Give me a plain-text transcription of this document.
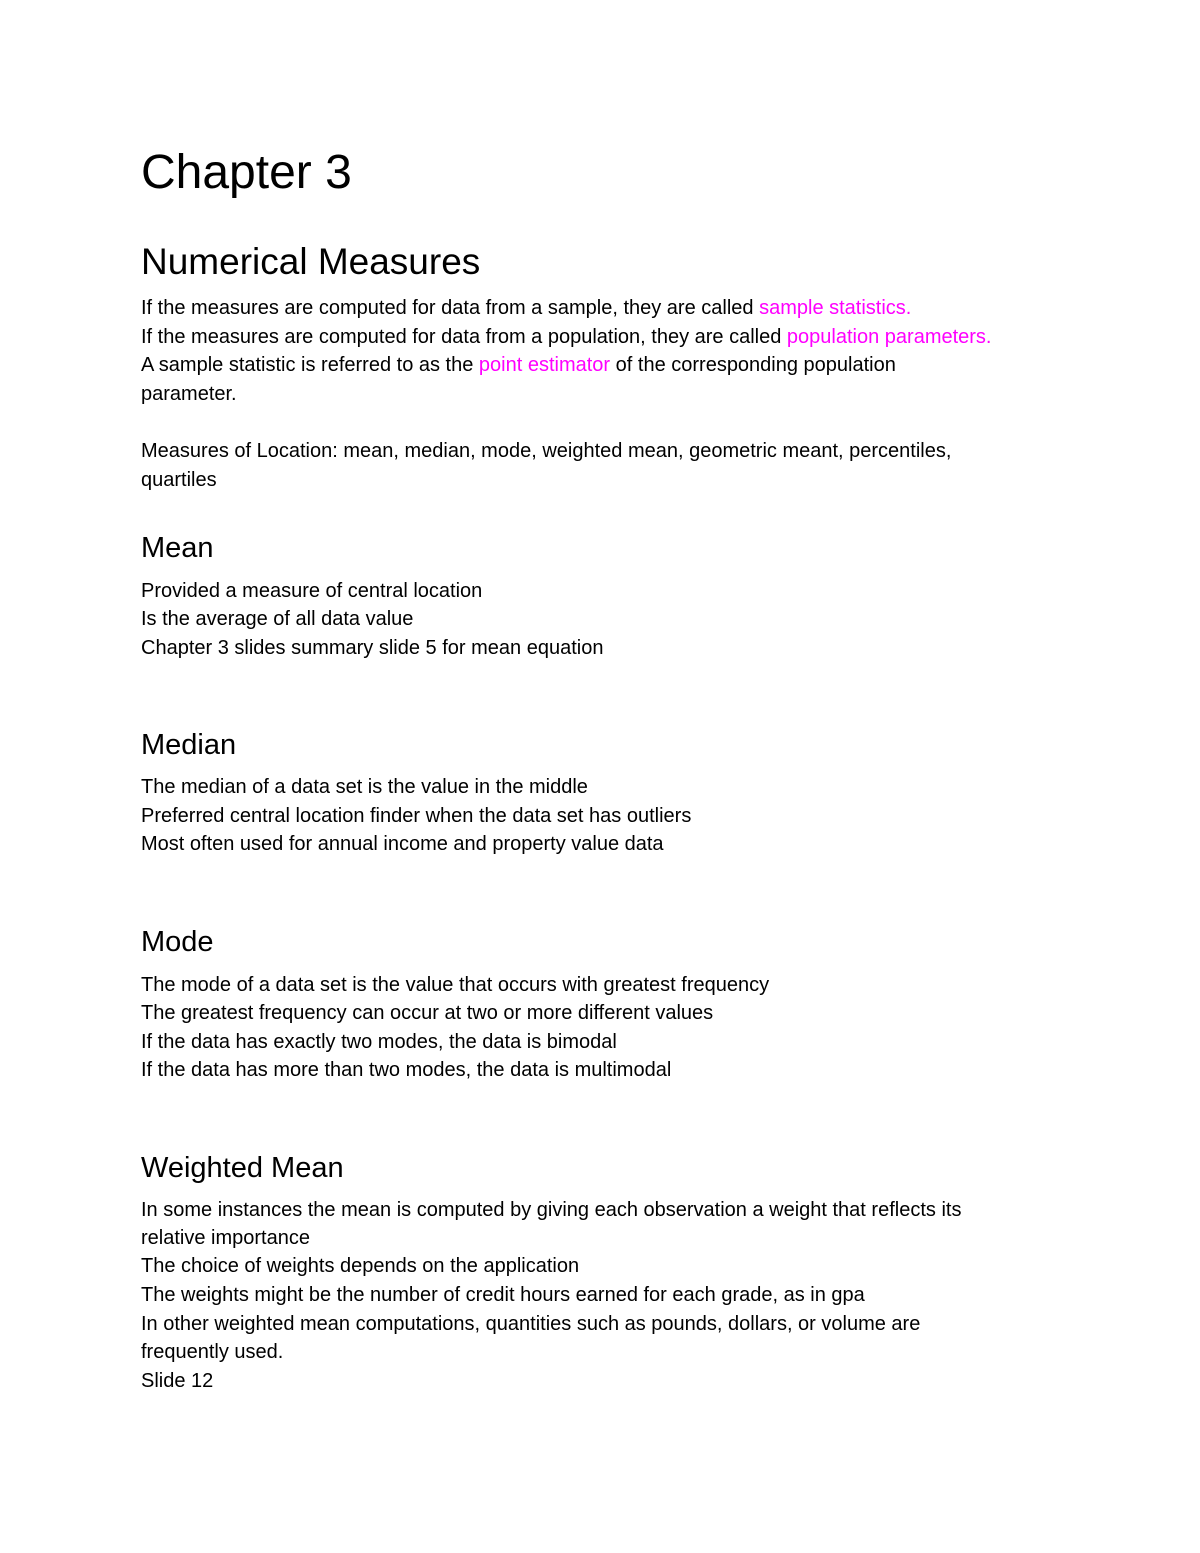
Chapter 3
Numerical Measures
If the measures are computed for data from a sample, they are called sample statistics.
If the measures are computed for data from a population, they are called population parameters.
A sample statistic is referred to as the point estimator of the corresponding population
parameter.
Measures of Location: mean, median, mode, weighted mean, geometric meant, percentiles,
quartiles
Mean
Provided a measure of central location
Is the average of all data value
Chapter 3 slides summary slide 5 for mean equation
Median
The median of a data set is the value in the middle
Preferred central location finder when the data set has outliers
Most often used for annual income and property value data
Mode
The mode of a data set is the value that occurs with greatest frequency
The greatest frequency can occur at two or more different values
If the data has exactly two modes, the data is bimodal
If the data has more than two modes, the data is multimodal
Weighted Mean
In some instances the mean is computed by giving each observation a weight that reflects its
relative importance
The choice of weights depends on the application
The weights might be the number of credit hours earned for each grade, as in gpa
In other weighted mean computations, quantities such as pounds, dollars, or volume are
frequently used.
Slide 12
